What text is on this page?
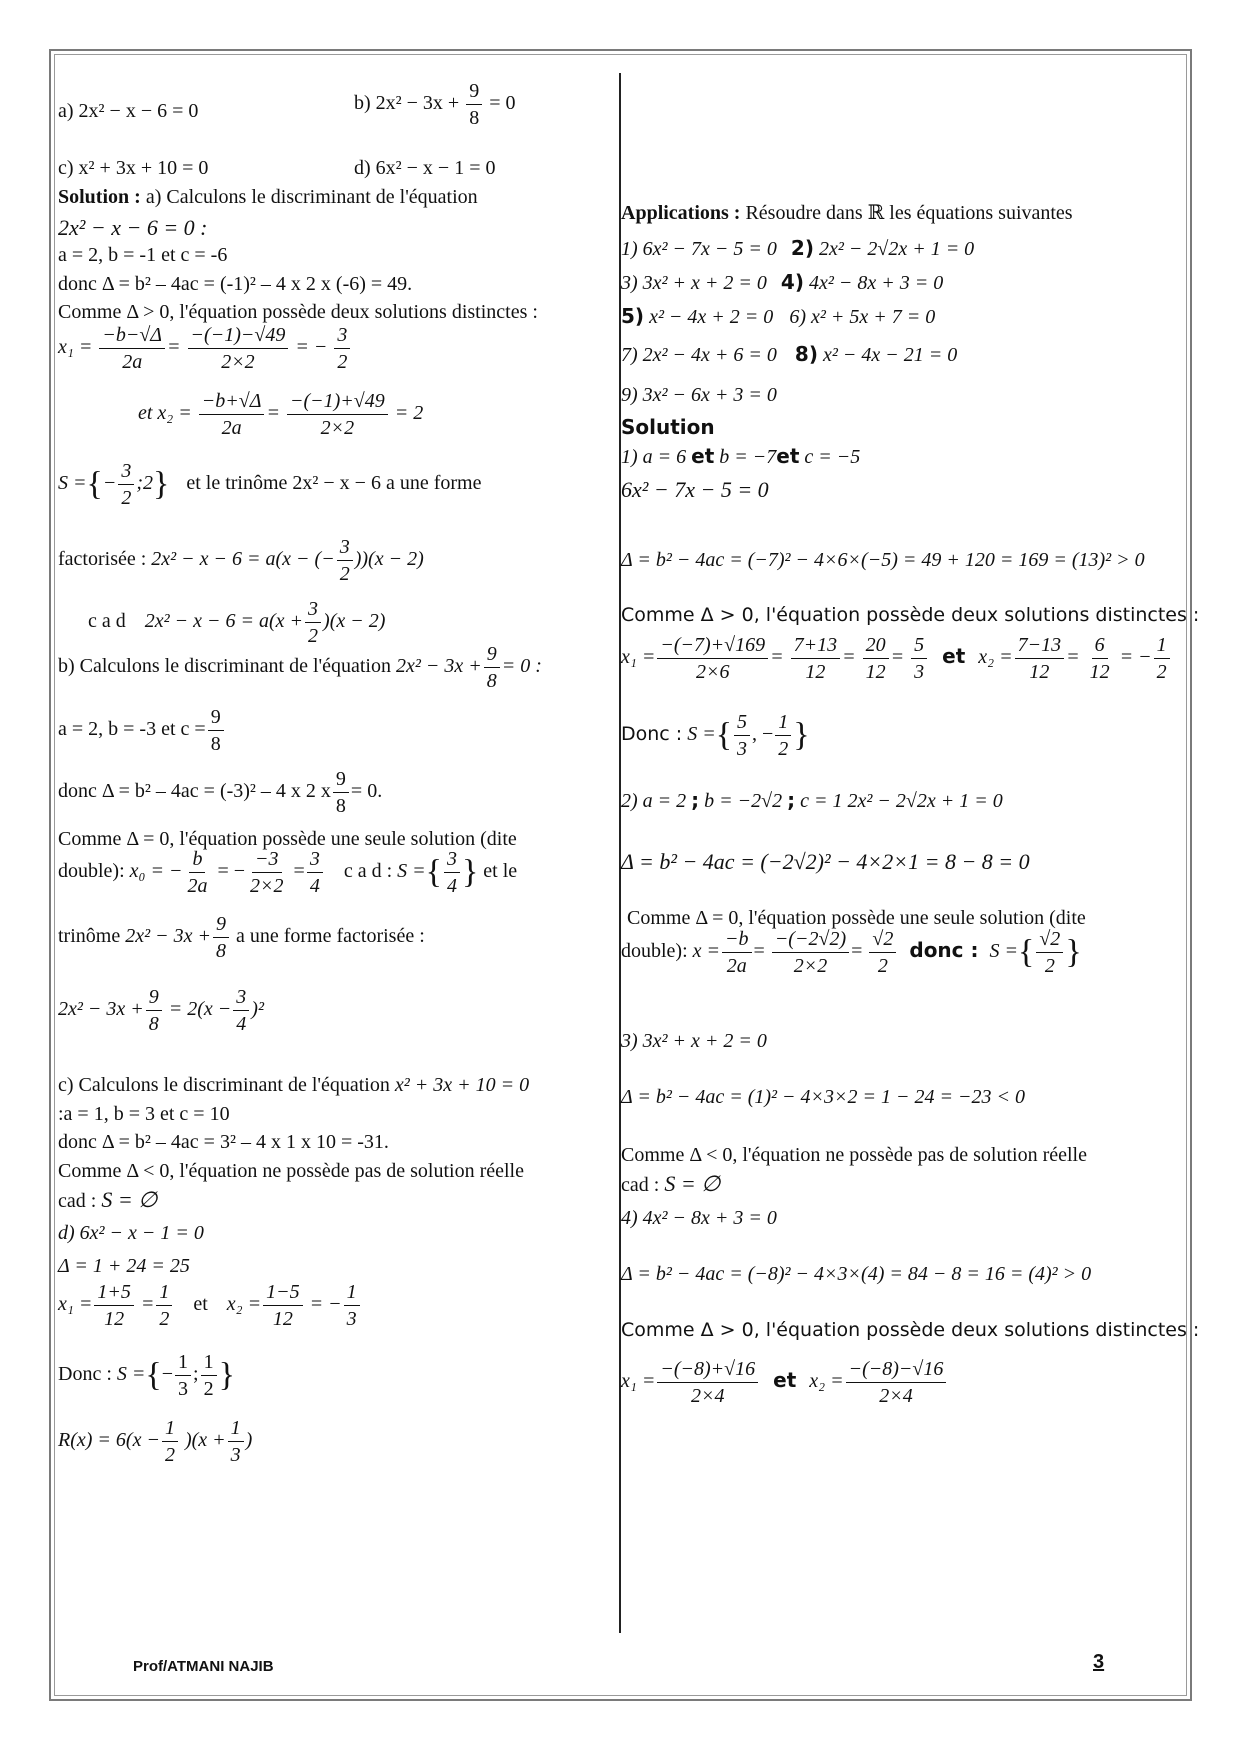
a) 2x² − x − 6 = 0	b) $2x^2 - 3x + \frac{9}{8} = 0$
c) x² + 3x + 10 = 0	d) 6x² − x − 1 = 0
Solution : a) Calculons le discriminant de l'équation
2x² − x − 6 = 0 :
a = 2, b = -1 et c = -6
donc Δ = b² – 4ac = (-1)² – 4 x 2 x (-6) = 49.
Comme Δ > 0, l'équation possède deux solutions distinctes :
$x_1 = \frac{-b-√\Delta}{2a} = \frac{-(-1)-√49}{2\times 2}$ = − $\frac{3}{2}$
et $x_2 = \frac{-b+√\Delta}{2a} = \frac{-(-1)+√49}{2\times 2} = 2$
S ={− $\frac{3}{2}$ ;2} et le trinôme 2x² − x − 6 a une forme
factorisée : 2x² − x − 6 = a(x − (− $\frac{3}{2} ))(x - 2)$
c a d $2x^2 - x - 6 = a(x + \frac{3}{2} )(x - 2)$
b) Calculons le discriminant de l'équation $2x^2 - 3x + \frac{9}{8} = 0$ :
a = 2, b = -3 et $c = \frac{9}{8}$
donc Δ = b² – 4ac = (-3)² – 4 x 2 x $\frac{9}{8} = 0$.
Comme Δ = 0, l'équation possède une seule solution (dite
double): x₀ = − $\frac{b}{2a}$ = − $\frac{-3}{2\times 2} = \frac{3}{4}$ c a d : S ={ $\frac{3}{4}$ } et le
trinôme $2x^2 - 3x + \frac{9}{8}$ a une forme factorisée :
$2x^2 - 3x + \frac{9}{8} = 2(x - \frac{3}{4} )^2$
c) Calculons le discriminant de l'équation x² + 3x + 10 = 0
:a = 1, b = 3 et c = 10
donc Δ = b² – 4ac = 3² – 4 x 1 x 10 = -31.
Comme Δ < 0, l'équation ne possède pas de solution réelle
cad : S = ∅
d) 6x² − x − 1 = 0
Δ = 1 + 24 = 25
$x_1 = \frac{1+5}{12} = \frac{1}{2}$ et $x_2 = \frac{1-5}{12}$ = − $\frac{1}{3}$
Donc : S ={− $\frac{1}{3}$ ; $\frac{1}{2}$ }
$R(x) = 6(x - \frac{1}{2} )(x + \frac{1}{3}$ )
Applications : Résoudre dans ℝ les équations suivantes
1) 6x² − 7x − 5 = 0 2) 2x² − 2√2x + 1 = 0
3) 3x² + x + 2 = 0 4) 4x² − 8x + 3 = 0
5) x² − 4x + 2 = 0 6) x² + 5x + 7 = 0
7) 2x² − 4x + 6 = 0 8) x² − 4x − 21 = 0
9) 3x² − 6x + 3 = 0
Solution
1) a = 6 et b = −7et c = −5
6x² − 7x − 5 = 0
Δ = b² − 4ac = (−7)² − 4×6×(−5) = 49 + 120 = 169 = (13)² > 0
Comme Δ > 0, l'équation possède deux solutions distinctes :
$x_1 = \frac{-(-7)+√169}{2\times 6} = \frac{7+13}{12} = \frac{20}{12} = \frac{5}{3}$ et $x_2 = \frac{7-13}{12} = \frac{6}{12}$ = − $\frac{1}{2}$
Donc : S ={ $\frac{5}{3}$ , − $\frac{1}{2}$ }
2) a = 2 ; b = −2√2 ; c = 1 2x² − 2√2x + 1 = 0
Δ = b² − 4ac = (−2√2)² − 4×2×1 = 8 − 8 = 0
Comme Δ = 0, l'équation possède une seule solution (dite
double): $x = \frac{-b}{2a} = \frac{-(-2√2)}{2\times 2} = \frac{√2}{2}$ donc : S ={ $\frac{√2}{2}$ }
3) 3x² + x + 2 = 0
Δ = b² − 4ac = (1)² − 4×3×2 = 1 − 24 = −23 < 0
Comme Δ < 0, l'équation ne possède pas de solution réelle
cad : S = ∅
4) 4x² − 8x + 3 = 0
Δ = b² − 4ac = (−8)² − 4×3×(4) = 84 − 8 = 16 = (4)² > 0
Comme Δ > 0, l'équation possède deux solutions distinctes :
$x_1 = \frac{-(-8)+√16}{2\times 4}$ et $x_2 = \frac{-(-8)-√16}{2\times 4}$
Prof/ATMANI NAJIB	3
